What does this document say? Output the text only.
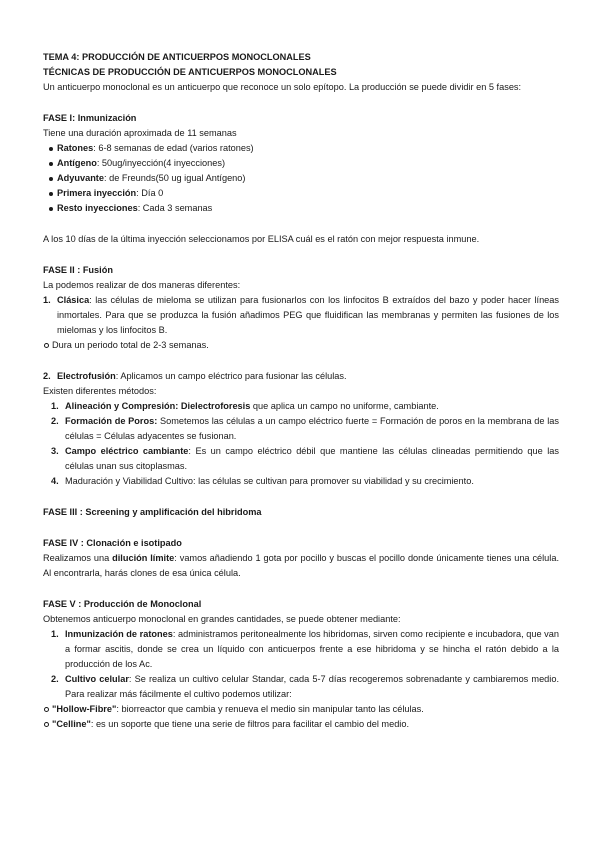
TEMA 4: PRODUCCIÓN DE ANTICUERPOS MONOCLONALES

TÉCNICAS DE PRODUCCIÓN DE ANTICUERPOS MONOCLONALES

Un anticuerpo monoclonal es un anticuerpo que reconoce un solo epítopo. La producción se puede dividir en 5 fases:

FASE I: Inmunización

Tiene una duración aproximada de 11 semanas

Ratones: 6-8 semanas de edad (varios ratones)
Antígeno: 50ug/inyección(4 inyecciones)
Adyuvante: de Freunds(50 ug igual Antígeno)
Primera inyección: Día 0
Resto inyecciones: Cada 3 semanas

A los 10 días de la última inyección seleccionamos por ELISA cuál es el ratón con mejor respuesta inmune.

FASE II : Fusión

La podemos realizar de dos maneras diferentes:

1. Clásica: las células de mieloma se utilizan para fusionarlos con los linfocitos B extraídos del bazo y poder hacer líneas inmortales. Para que se produzca la fusión añadimos PEG que fluidifican las membranas y permiten las fusiones de los mielomas y los linfocitos B.
Dura un periodo total de 2-3 semanas.
2. Electrofusión: Aplicamos un campo eléctrico para fusionar las células.

Existen diferentes métodos:

1. Alineación y Compresión: Dielectroforesis que aplica un campo no uniforme, cambiante.
2. Formación de Poros: Sometemos las células a un campo eléctrico fuerte = Formación de poros en la membrana de las células = Células adyacentes se fusionan.
3. Campo eléctrico cambiante: Es un campo eléctrico débil que mantiene las células clineadas permitiendo que las células unan sus citoplasmas.
4. Maduración y Viabilidad Cultivo: las células se cultivan para promover su viabilidad y su crecimiento.

FASE III : Screening y amplificación del hibridoma

FASE IV : Clonación e isotipado

Realizamos una dilución límite: vamos añadiendo 1 gota por pocillo y buscas el pocillo donde únicamente tienes una célula. Al encontrarla, harás clones de esa única célula.

FASE V : Producción de Monoclonal

Obtenemos anticuerpo monoclonal en grandes cantidades, se puede obtener mediante:

1. Inmunización de ratones: administramos peritonealmente los hibridomas, sirven como recipiente e incubadora, que van a formar ascitis, donde se crea un líquido con anticuerpos frente a ese hibridoma y se hincha el ratón debido a la producción de los Ac.
2. Cultivo celular: Se realiza un cultivo celular Standar, cada 5-7 días recogeremos sobrenadante y cambiaremos medio. Para realizar más fácilmente el cultivo podemos utilizar:
"Hollow-Fibre": biorreactor que cambia y renueva el medio sin manipular tanto las células.
"Celline": es un soporte que tiene una serie de filtros para facilitar el cambio del medio.
